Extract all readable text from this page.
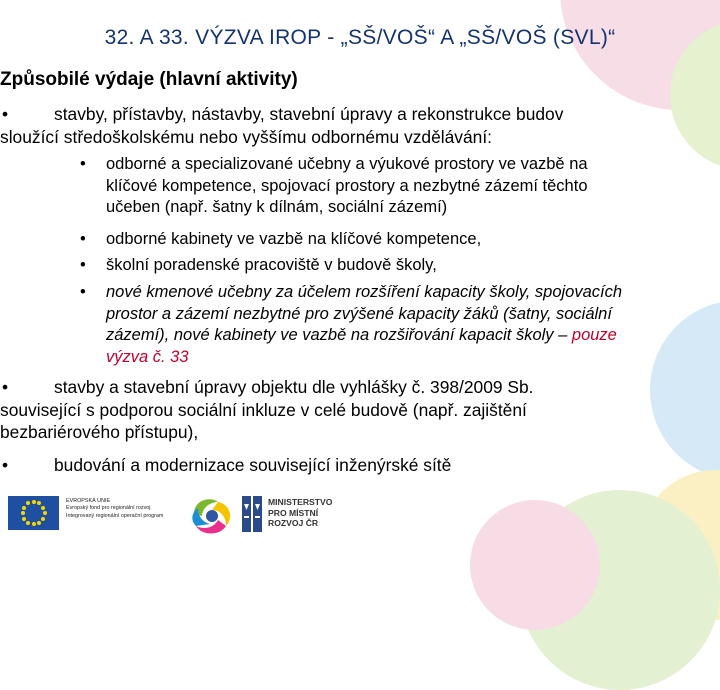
32. A 33. VÝZVA IROP - „SŠ/VOŠ“ A „SŠ/VOŠ (SVL)“
Způsobilé výdaje (hlavní aktivity)
•	stavby, přístavby, nástavby, stavební úpravy a rekonstrukce budov
sloužící středoškolskému nebo vyššímu odbornému vzdělávání:
• odborné a specializované učebny a výukové prostory ve vazbě na
klíčové kompetence, spojovací prostory a nezbytné zázemí těchto
učeben (např. šatny k dílnám, sociální zázemí)
• odborné kabinety ve vazbě na klíčové kompetence,
• školní poradenské pracoviště v budově školy,
• nové kmenové učebny za účelem rozšíření kapacity školy, spojovacích
prostor a zázemí nezbytné pro zvýšené kapacity žáků (šatny, sociální
zázemí), nové kabinety ve vazbě na rozšiřování kapacit školy – pouze
výzva č. 33
•	stavby a stavební úpravy objektu dle vyhlášky č. 398/2009 Sb.
související s podporou sociální inkluze v celé budově (např. zajištění
bezbariérového přístupu),
•	budování a modernizace související inženýrské sítě
EVROPSKÁ UNIE
Evropský fond pro regionální rozvoj
Integrovaný regionální operační program
MINISTERSTVO
PRO MÍSTNÍ
ROZVOJ ČR
